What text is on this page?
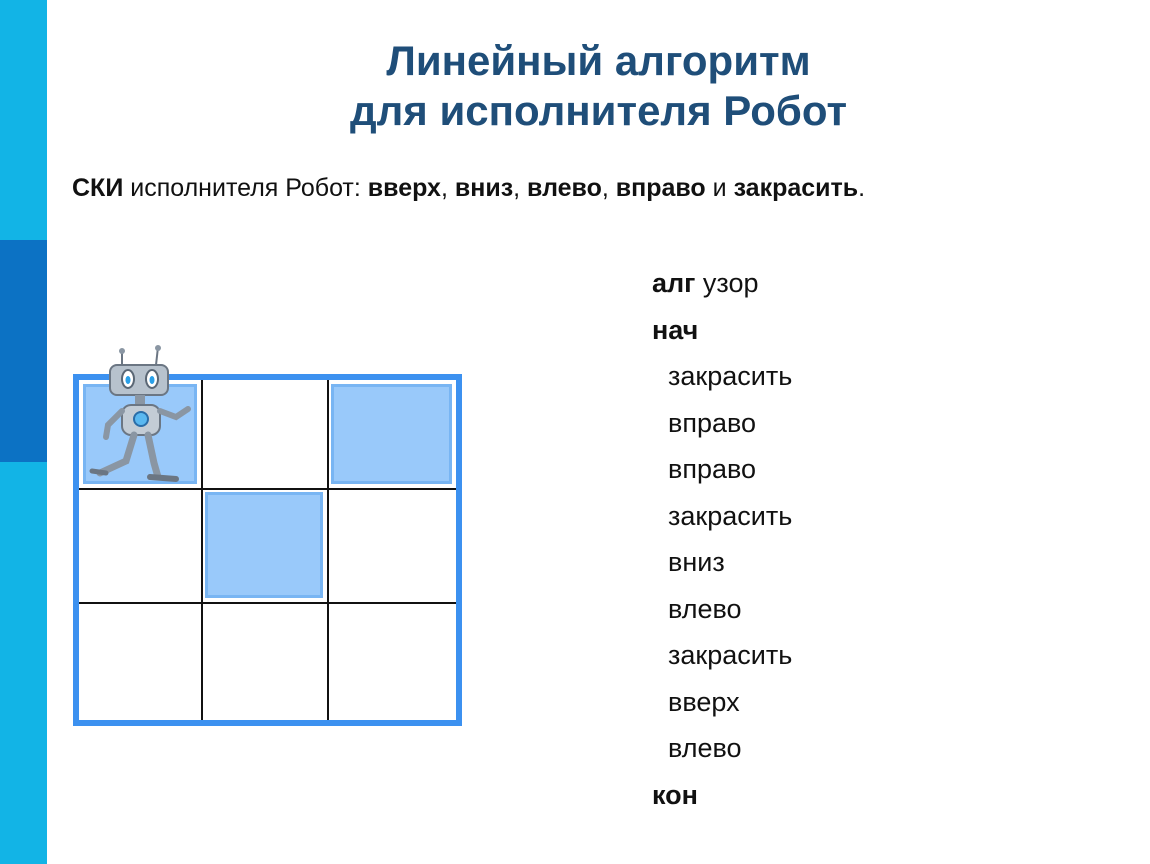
Линейный алгоритм
для исполнителя Робот
СКИ исполнителя Робот: вверх, вниз, влево, вправо и закрасить.
алг узор
нач
закрасить
вправо
вправо
закрасить
вниз
влево
закрасить
вверх
влево
кон
